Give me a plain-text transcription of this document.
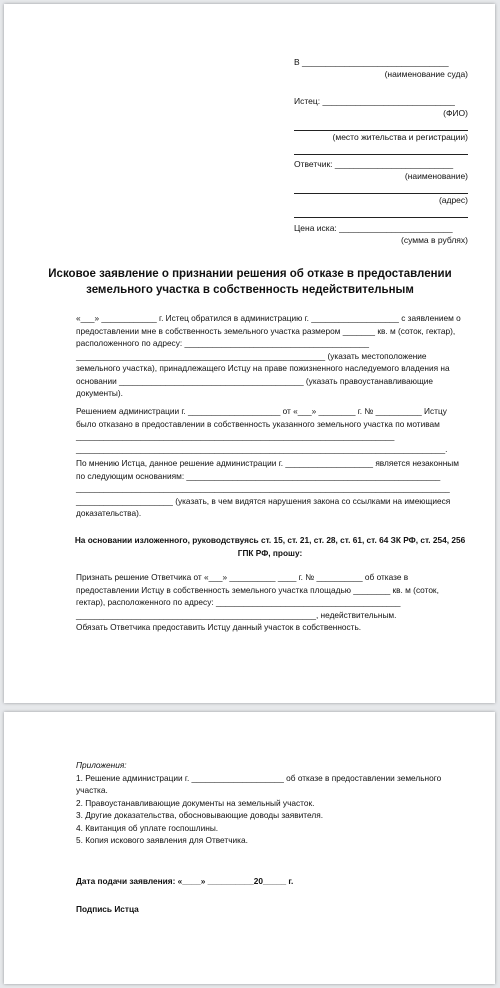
В _______________________________
(наименование суда)
Истец: ____________________________
(ФИО)
(место жительства и регистрации)
Ответчик: _________________________
(наименование)
(адрес)
Цена иска: ________________________
(сумма в рублях)
Исковое заявление о признании решения об отказе в предоставлении земельного участка в собственность недействительным

«___» ____________ г. Истец обратился в администрацию г. ___________________ с заявлением о предоставлении мне в собственность земельного участка размером _______ кв. м (соток, гектар), расположенного по адресу: ________________________________________ ______________________________________________________ (указать местоположение земельного участка), принадлежащего Истцу на праве пожизненного наследуемого владения на основании ________________________________________ (указать правоустанавливающие документы).

Решением администрации г. ____________________ от «___» ________ г. № __________ Истцу было отказано в предоставлении в собственность указанного земельного участка по мотивам _____________________________________________________________________ ________________________________________________________________________________.

По мнению Истца, данное решение администрации г. ___________________ является незаконным по следующим основаниям: _______________________________________________________ _________________________________________________________________________________ _____________________ (указать, в чем видятся нарушения закона со ссылками на имеющиеся доказательства).

На основании изложенного, руководствуясь ст. 15, ст. 21, ст. 28, ст. 61, ст. 64 ЗК РФ, ст. 254, 256 ГПК РФ, прошу:

Признать решение Ответчика от «___» __________ ____ г. № __________ об отказе в предоставлении Истцу в собственность земельного участка площадью ________ кв. м (соток, гектар), расположенного по адресу: ________________________________________ ____________________________________________________, недействительным.

Обязать Ответчика предоставить Истцу данный участок в собственность.

Приложения:

1. Решение администрации г. ____________________ об отказе в предоставлении земельного участка.

2. Правоустанавливающие документы на земельный участок.

3. Другие доказательства, обосновывающие доводы заявителя.

4. Квитанция об уплате госпошлины.

5. Копия искового заявления для Ответчика.

Дата подачи заявления: «____» __________20_____ г.
Подпись Истца
